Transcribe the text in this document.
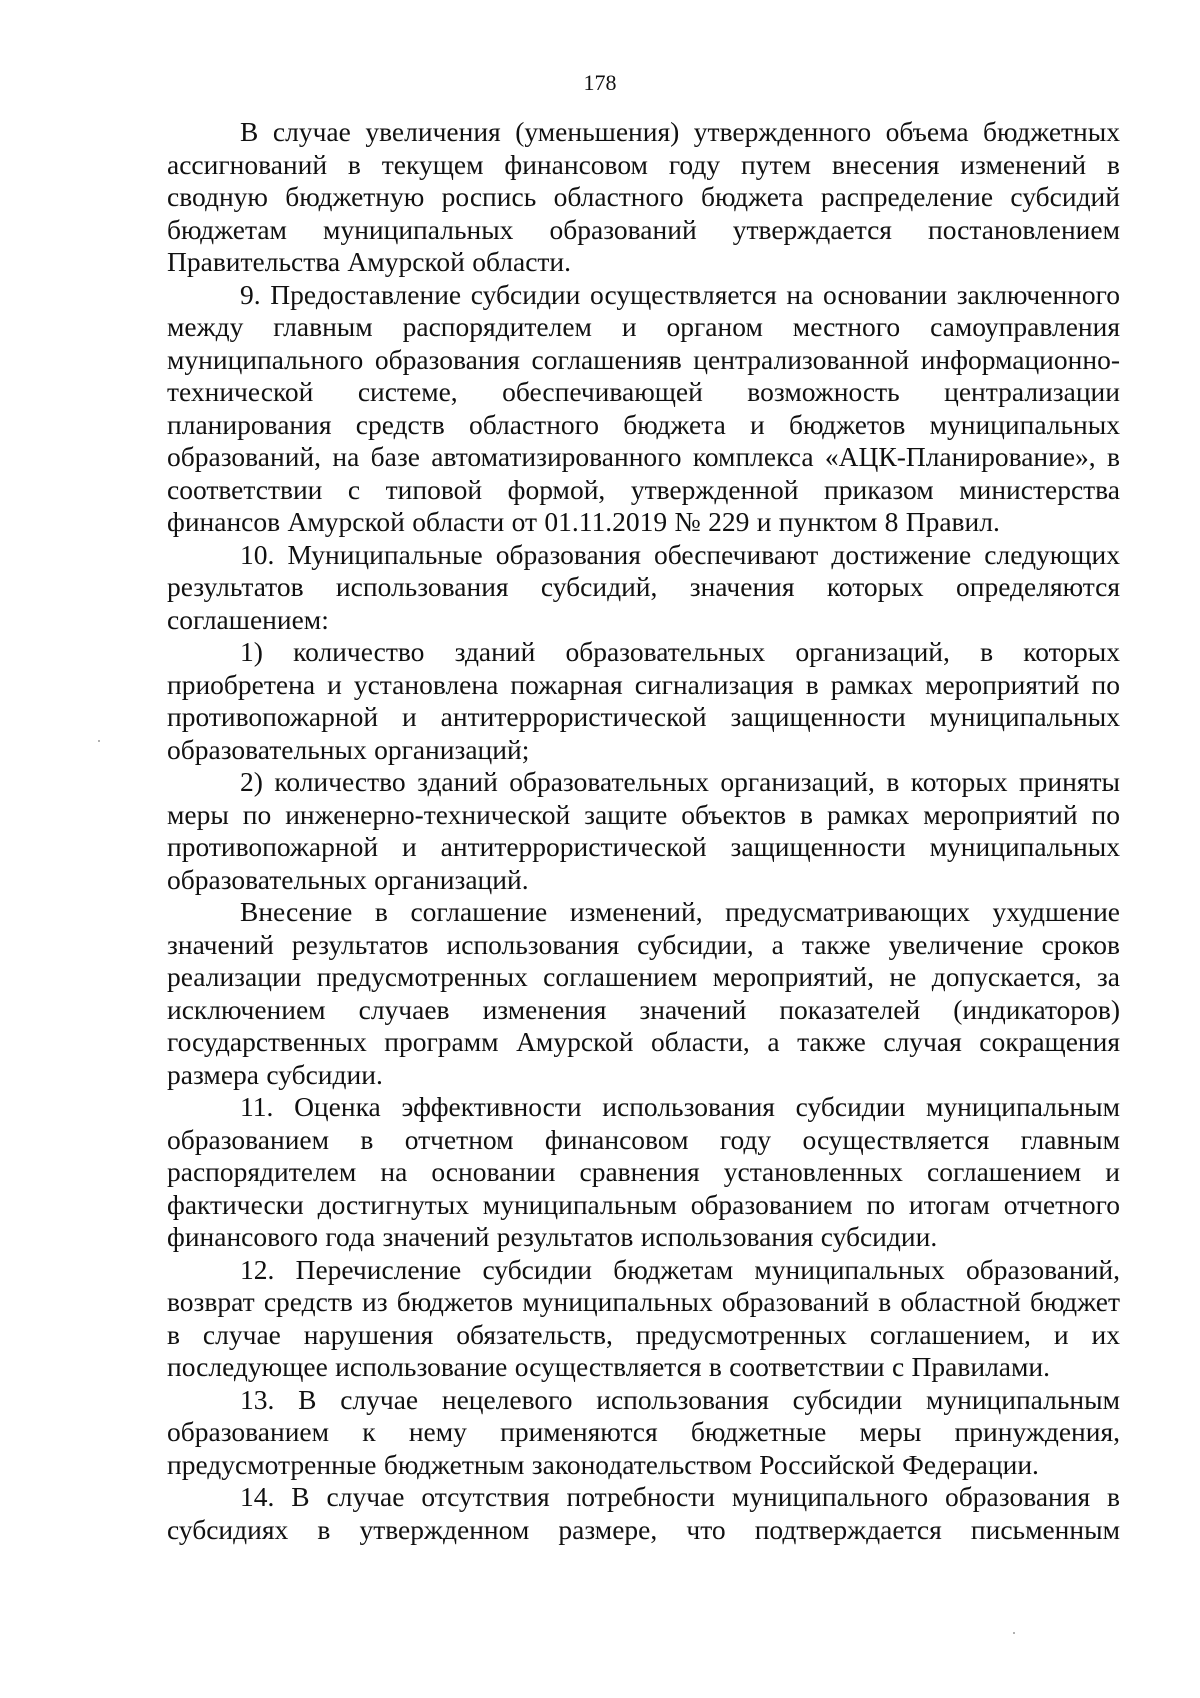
178

В случае увеличения (уменьшения) утвержденного объема бюджетных ассигнований в текущем финансовом году путем внесения изменений в сводную бюджетную роспись областного бюджета распределение субсидий бюджетам муниципальных образований утверждается постановлением Правительства Амурской области.

9. Предоставление субсидии осуществляется на основании заключенного между главным распорядителем и органом местного самоуправления муниципального образования соглашенияв централизованной информационно-технической системе, обеспечивающей возможность централизации планирования средств областного бюджета и бюджетов муниципальных образований, на базе автоматизированного комплекса «АЦК-Планирование», в соответствии с типовой формой, утвержденной приказом министерства финансов Амурской области от 01.11.2019 № 229 и пунктом 8 Правил.

10. Муниципальные образования обеспечивают достижение следующих результатов использования субсидий, значения которых определяются соглашением:

1) количество зданий образовательных организаций, в которых приобретена и установлена пожарная сигнализация в рамках мероприятий по противопожарной и антитеррористической защищенности муниципальных образовательных организаций;

2) количество зданий образовательных организаций, в которых приняты меры по инженерно-технической защите объектов в рамках мероприятий по противопожарной и антитеррористической защищенности муниципальных образовательных организаций.

Внесение в соглашение изменений, предусматривающих ухудшение значений результатов использования субсидии, а также увеличение сроков реализации предусмотренных соглашением мероприятий, не допускается, за исключением случаев изменения значений показателей (индикаторов) государственных программ Амурской области, а также случая сокращения размера субсидии.

11. Оценка эффективности использования субсидии муниципальным образованием в отчетном финансовом году осуществляется главным распорядителем на основании сравнения установленных соглашением и фактически достигнутых муниципальным образованием по итогам отчетного финансового года значений результатов использования субсидии.

12. Перечисление субсидии бюджетам муниципальных образований, возврат средств из бюджетов муниципальных образований в областной бюджет в случае нарушения обязательств, предусмотренных соглашением, и их последующее использование осуществляется в соответствии с Правилами.

13. В случае нецелевого использования субсидии муниципальным образованием к нему применяются бюджетные меры принуждения, предусмотренные бюджетным законодательством Российской Федерации.

14. В случае отсутствия потребности муниципального образования в субсидиях в утвержденном размере, что подтверждается письменным
